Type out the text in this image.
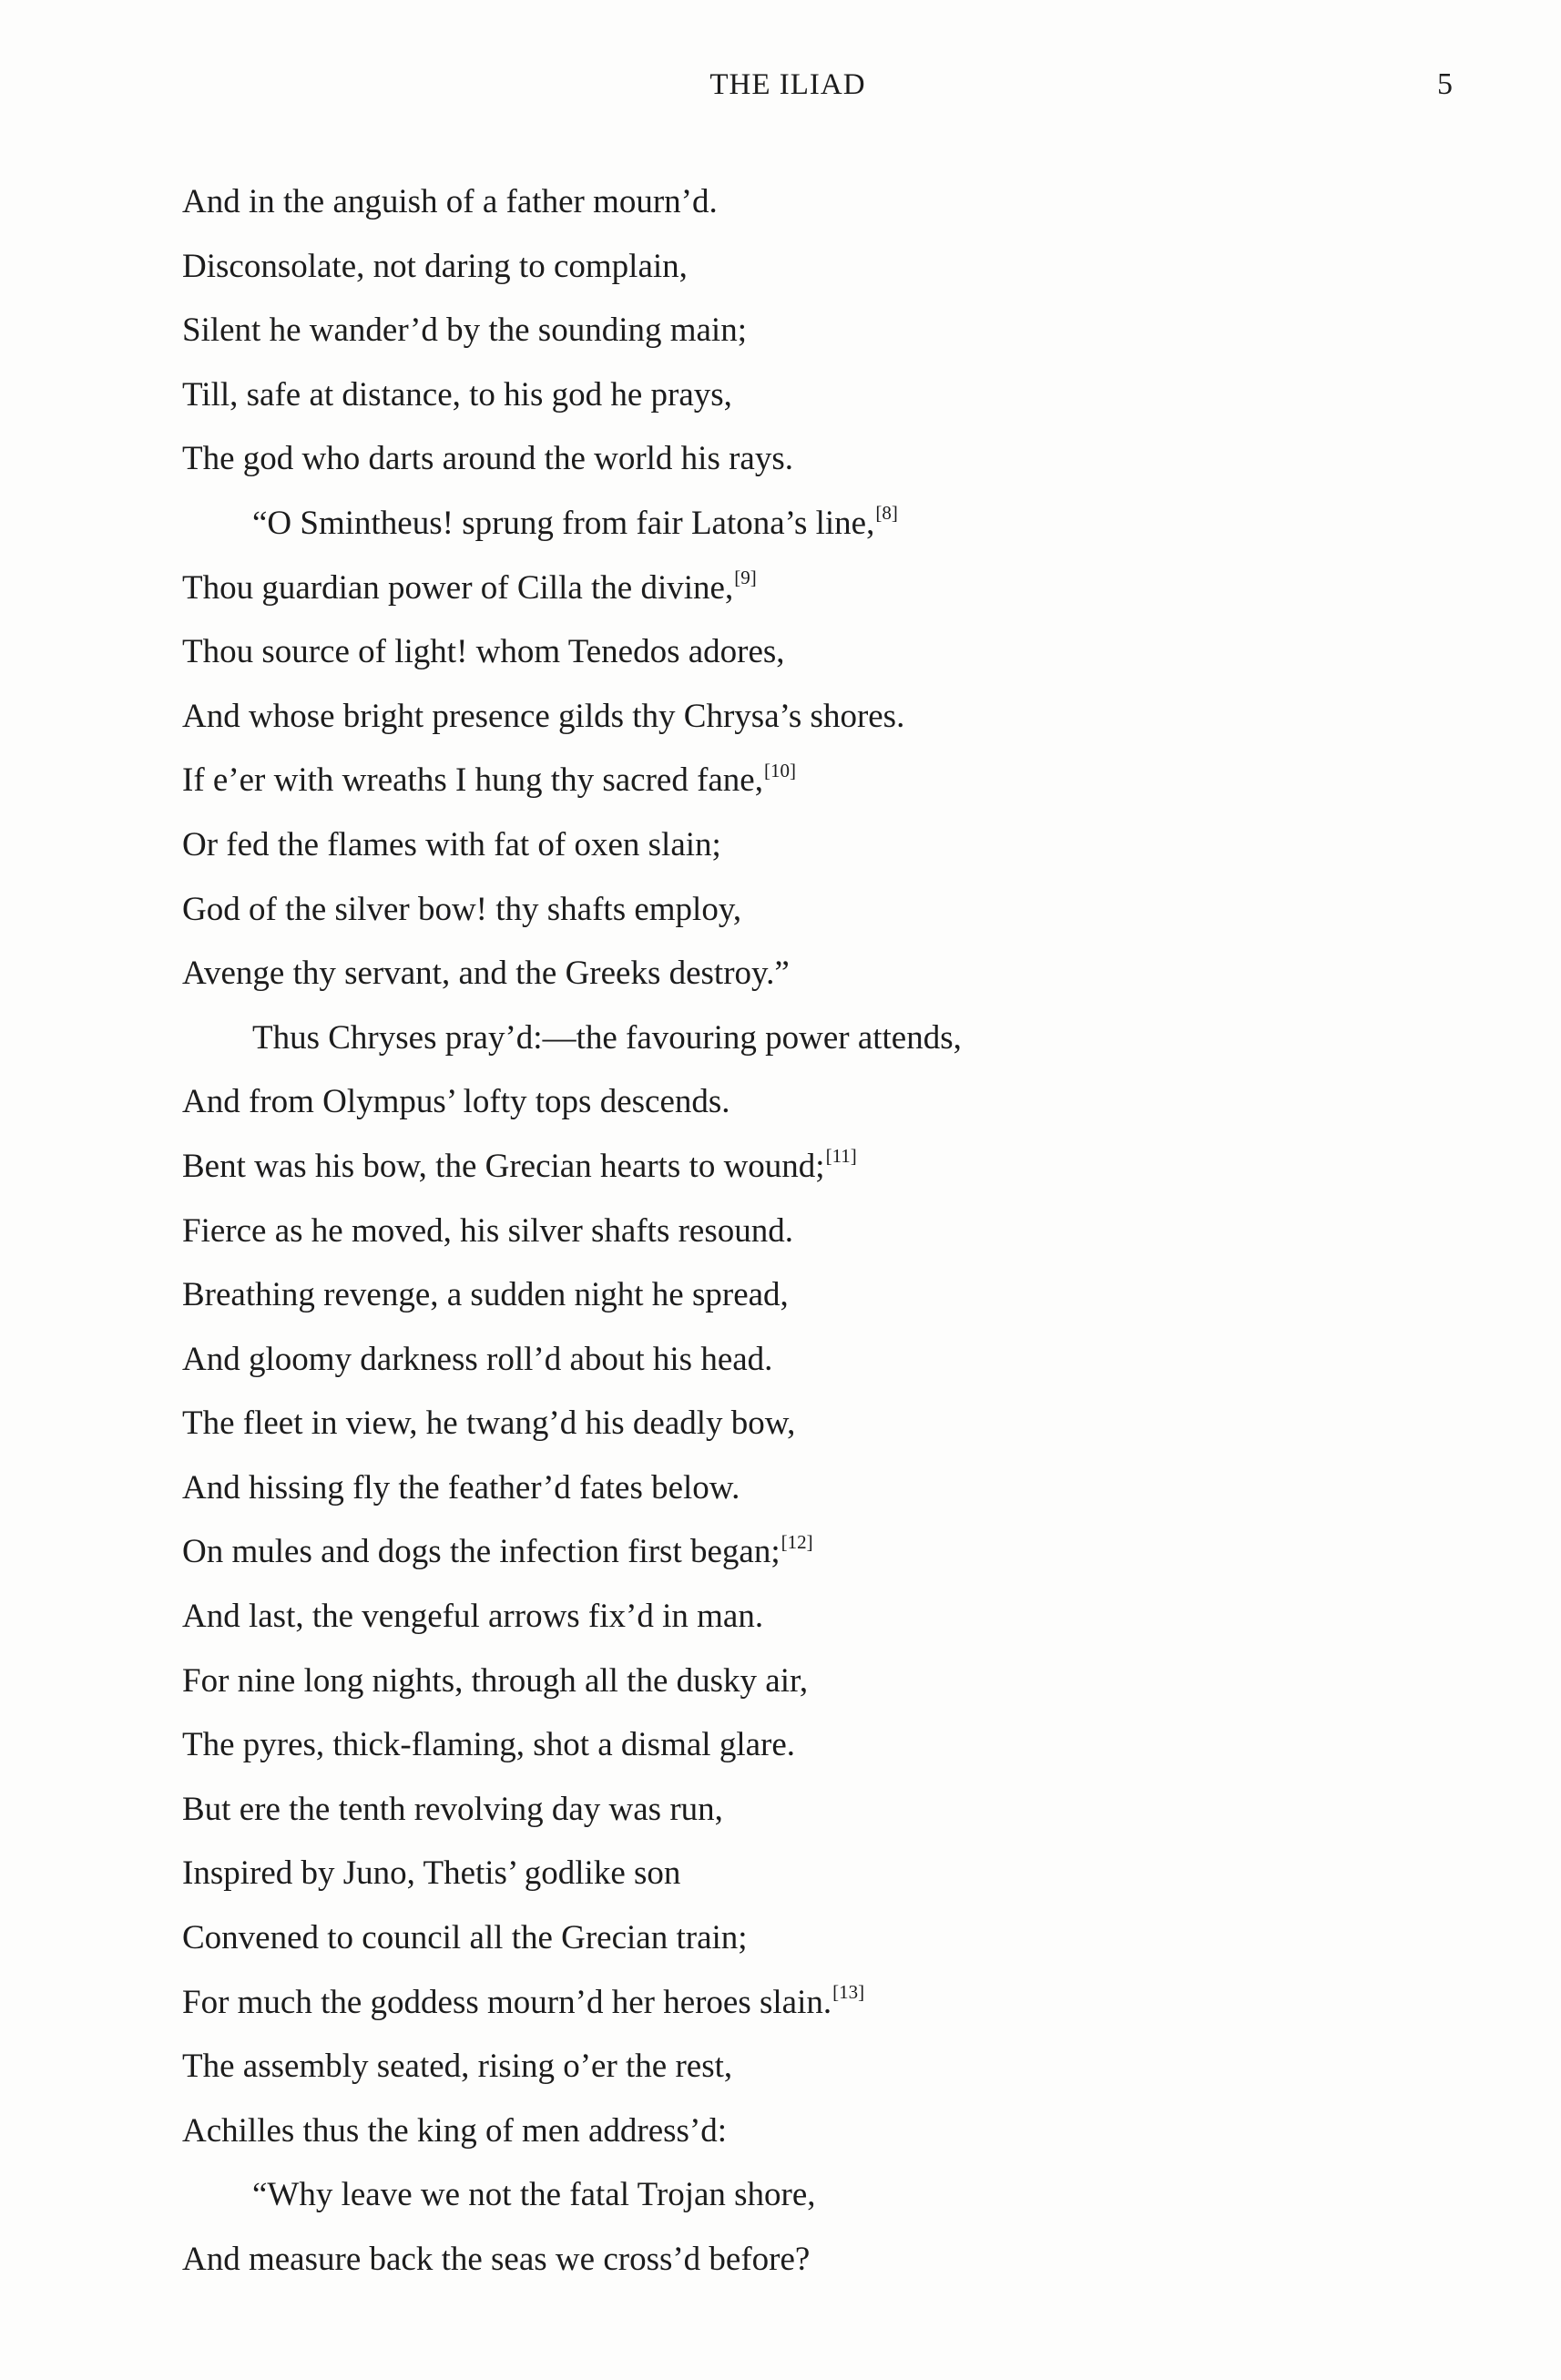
THE ILIAD	5
And in the anguish of a father mourn’d.
Disconsolate, not daring to complain,
Silent he wander’d by the sounding main;
Till, safe at distance, to his god he prays,
The god who darts around the world his rays.
“O Smintheus! sprung from fair Latona’s line,[8]
Thou guardian power of Cilla the divine,[9]
Thou source of light! whom Tenedos adores,
And whose bright presence gilds thy Chrysa’s shores.
If e’er with wreaths I hung thy sacred fane,[10]
Or fed the flames with fat of oxen slain;
God of the silver bow! thy shafts employ,
Avenge thy servant, and the Greeks destroy.”
Thus Chryses pray’d:—the favouring power attends,
And from Olympus’ lofty tops descends.
Bent was his bow, the Grecian hearts to wound;[11]
Fierce as he moved, his silver shafts resound.
Breathing revenge, a sudden night he spread,
And gloomy darkness roll’d about his head.
The fleet in view, he twang’d his deadly bow,
And hissing fly the feather’d fates below.
On mules and dogs the infection first began;[12]
And last, the vengeful arrows fix’d in man.
For nine long nights, through all the dusky air,
The pyres, thick-flaming, shot a dismal glare.
But ere the tenth revolving day was run,
Inspired by Juno, Thetis’ godlike son
Convened to council all the Grecian train;
For much the goddess mourn’d her heroes slain.[13]
The assembly seated, rising o’er the rest,
Achilles thus the king of men address’d:
“Why leave we not the fatal Trojan shore,
And measure back the seas we cross’d before?
